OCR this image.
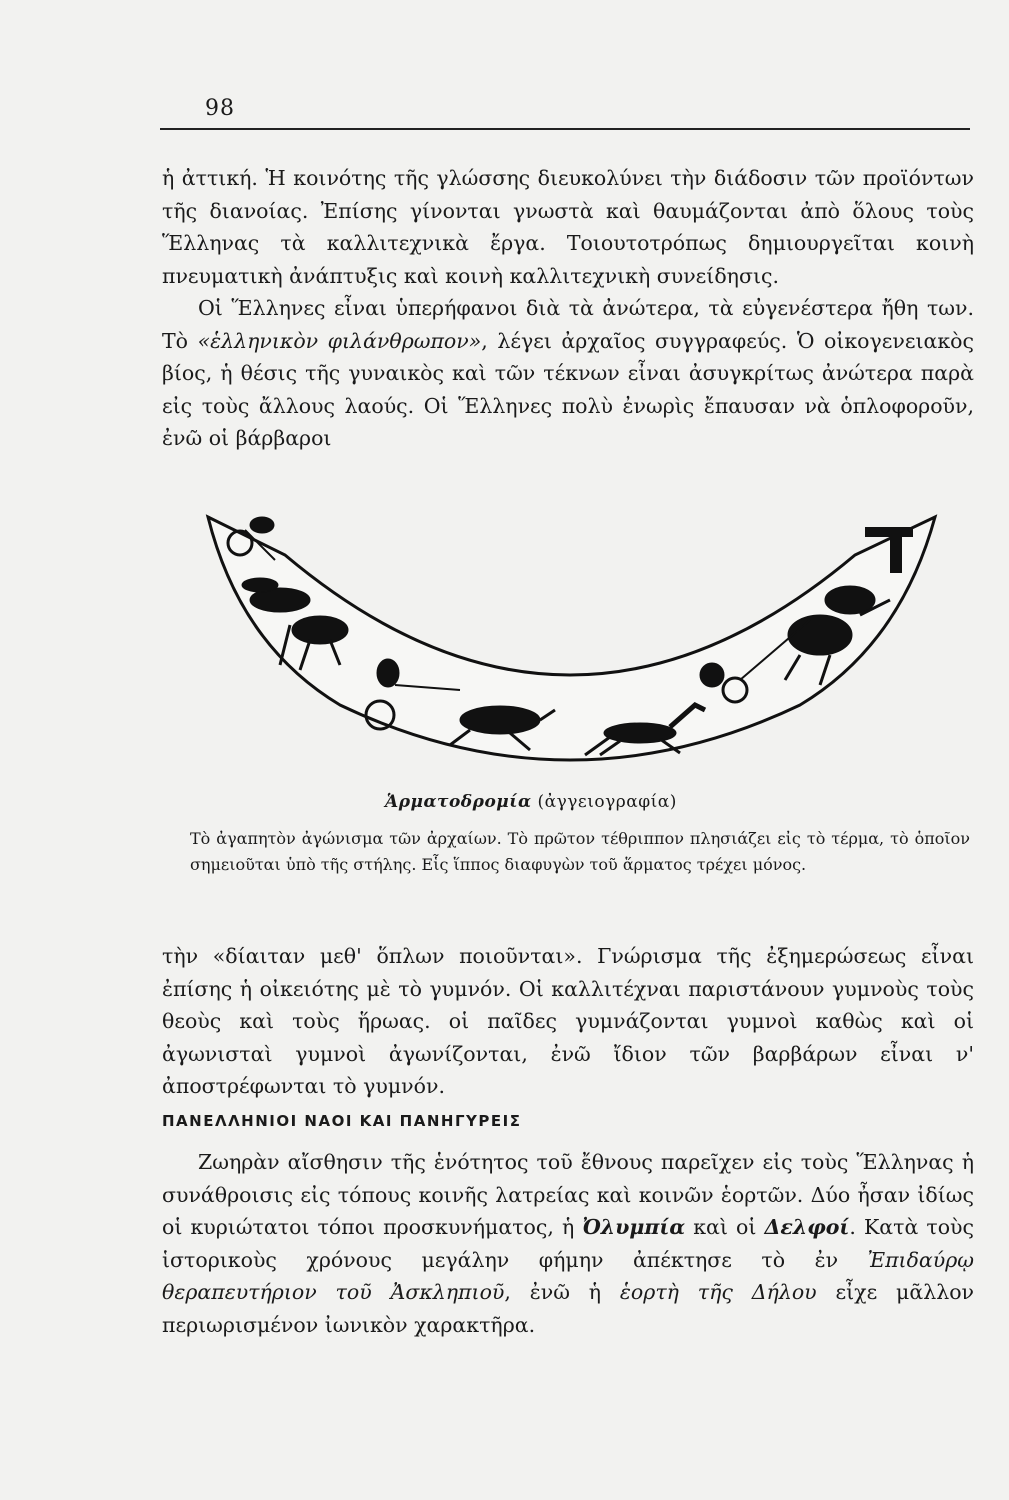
98

ἡ ἀττική. Ἡ κοινότης τῆς γλώσσης διευκολύνει τὴν διάδοσιν τῶν προϊόντων τῆς διανοίας. Ἐπίσης γίνονται γνωστὰ καὶ θαυμάζονται ἀπὸ ὅλους τοὺς Ἕλληνας τὰ καλλιτεχνικὰ ἔργα. Τοιουτοτρόπως δημιουργεῖται κοινὴ πνευματικὴ ἀνάπτυξις καὶ κοινὴ καλλιτεχνικὴ συνείδησις.

Οἱ Ἕλληνες εἶναι ὑπερήφανοι διὰ τὰ ἀνώτερα, τὰ εὐγενέστερα ἤθη των. Τὸ «ἑλληνικὸν φιλάνθρωπον», λέγει ἀρχαῖος συγγραφεύς. Ὁ οἰκογενειακὸς βίος, ἡ θέσις τῆς γυναικὸς καὶ τῶν τέκνων εἶναι ἀσυγκρίτως ἀνώτερα παρὰ εἰς τοὺς ἄλλους λαούς. Οἱ Ἕλληνες πολὺ ἐνωρὶς ἔπαυσαν νὰ ὁπλοφοροῦν, ἐνῶ οἱ βάρβαροι

Ἁρματοδρομία (ἀγγειογραφία)

Τὸ ἀγαπητὸν ἀγώνισμα τῶν ἀρχαίων. Τὸ πρῶτον τέθριππον πλησιάζει εἰς τὸ τέρμα, τὸ ὁποῖον σημειοῦται ὑπὸ τῆς στήλης. Εἷς ἵππος διαφυγὼν τοῦ ἅρματος τρέχει μόνος.

τὴν «δίαιταν μεθ' ὅπλων ποιοῦνται». Γνώρισμα τῆς ἐξημερώσεως εἶναι ἐπίσης ἡ οἰκειότης μὲ τὸ γυμνόν. Οἱ καλλιτέχναι παριστάνουν γυμνοὺς τοὺς θεοὺς καὶ τοὺς ἥρωας. οἱ παῖδες γυμνάζονται γυμνοὶ καθὼς καὶ οἱ ἀγωνισταὶ γυμνοὶ ἀγωνίζονται, ἐνῶ ἴδιον τῶν βαρβάρων εἶναι ν' ἀποστρέφωνται τὸ γυμνόν.

ΠΑΝΕΛΛΗΝΙΟΙ ΝΑΟΙ ΚΑΙ ΠΑΝΗΓΥΡΕΙΣ

Ζωηρὰν αἴσθησιν τῆς ἑνότητος τοῦ ἔθνους παρεῖχεν εἰς τοὺς Ἕλληνας ἡ συνάθροισις εἰς τόπους κοινῆς λατρείας καὶ κοινῶν ἑορτῶν. Δύο ἦσαν ἰδίως οἱ κυριώτατοι τόποι προσκυνήματος, ἡ Ὀλυμπία καὶ οἱ Δελφοί. Κατὰ τοὺς ἱστορικοὺς χρόνους μεγάλην φήμην ἀπέκτησε τὸ ἐν Ἐπιδαύρῳ θεραπευτήριον τοῦ Ἀσκληπιοῦ, ἐνῶ ἡ ἑορτὴ τῆς Δήλου εἶχε μᾶλλον περιωρισμένον ἰωνικὸν χαρακτῆρα.
